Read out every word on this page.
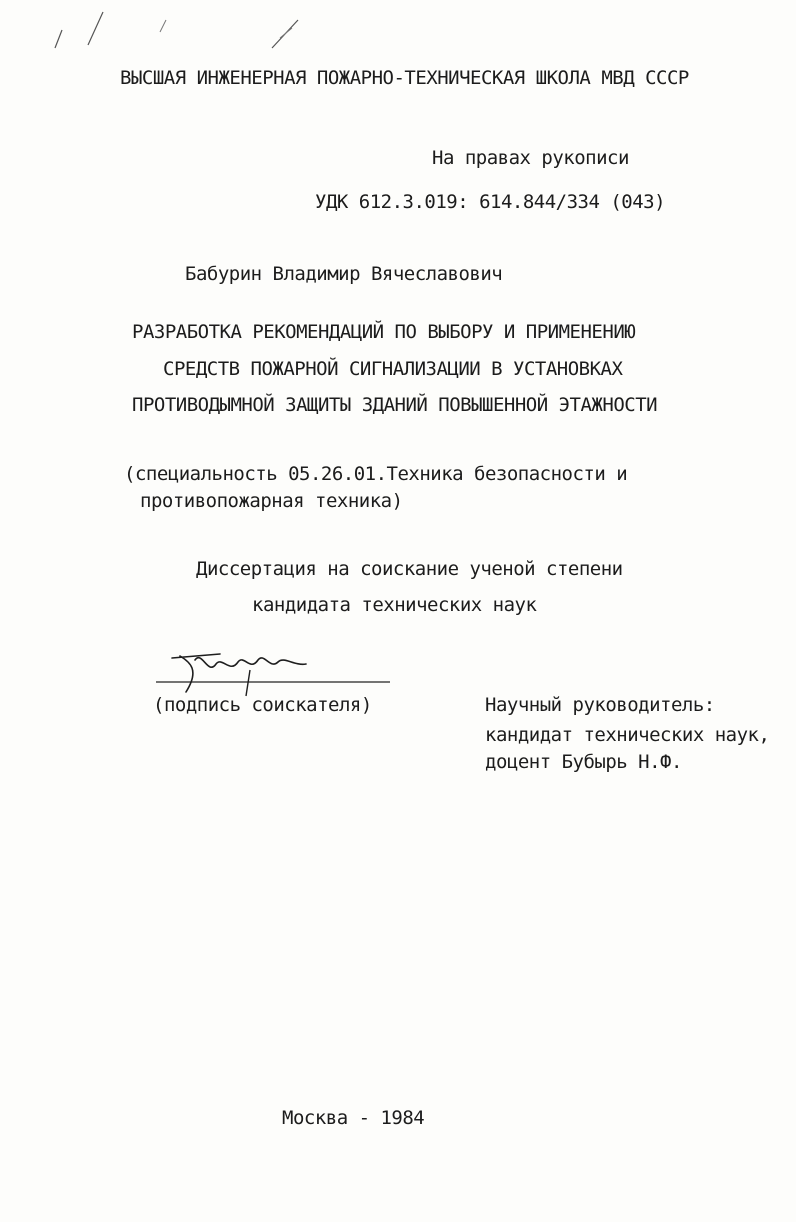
ВЫСШАЯ ИНЖЕНЕРНАЯ ПОЖАРНО-ТЕХНИЧЕСКАЯ ШКОЛА МВД СССР
На правах рукописи
УДК 612.3.019: 614.844/334 (043)
Бабурин Владимир Вячеславович
РАЗРАБОТКА РЕКОМЕНДАЦИЙ ПО ВЫБОРУ И ПРИМЕНЕНИЮ
СРЕДСТВ ПОЖАРНОЙ СИГНАЛИЗАЦИИ В УСТАНОВКАХ
ПРОТИВОДЫМНОЙ ЗАЩИТЫ ЗДАНИЙ ПОВЫШЕННОЙ ЭТАЖНОСТИ
(специальность 05.26.01.Техника безопасности и
противопожарная техника)
Диссертация на соискание ученой степени
кандидата технических наук
(подпись соискателя)	Научный руководитель:
кандидат технических наук,
доцент Бубырь Н.Ф.
Москва - 1984
